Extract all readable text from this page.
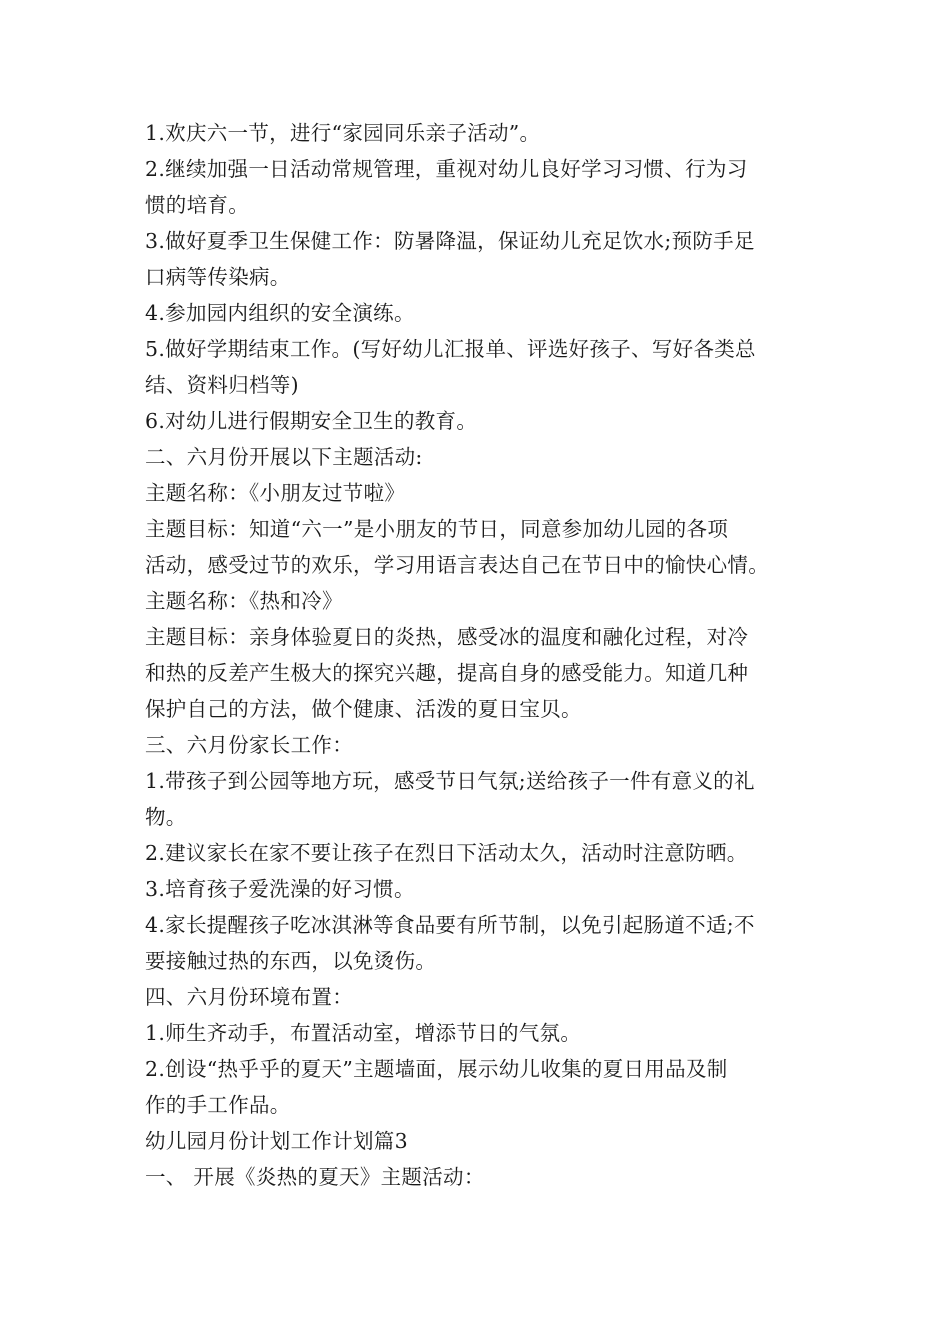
1.欢庆六一节，进行“家园同乐亲子活动”。
2.继续加强一日活动常规管理，重视对幼儿良好学习习惯、行为习
惯的培育。
3.做好夏季卫生保健工作：防暑降温，保证幼儿充足饮水;预防手足
口病等传染病。
4.参加园内组织的安全演练。
5.做好学期结束工作。(写好幼儿汇报单、评选好孩子、写好各类总
结、资料归档等)
6.对幼儿进行假期安全卫生的教育。
二、六月份开展以下主题活动:
主题名称：《小朋友过节啦》
主题目标：知道“六一”是小朋友的节日，同意参加幼儿园的各项
活动，感受过节的欢乐，学习用语言表达自己在节日中的愉快心情。
主题名称：《热和冷》
主题目标：亲身体验夏日的炎热，感受冰的温度和融化过程，对冷
和热的反差产生极大的探究兴趣，提高自身的感受能力。知道几种
保护自己的方法，做个健康、活泼的夏日宝贝。
三、六月份家长工作：
1.带孩子到公园等地方玩，感受节日气氛;送给孩子一件有意义的礼
物。
2.建议家长在家不要让孩子在烈日下活动太久，活动时注意防晒。
3.培育孩子爱洗澡的好习惯。
4.家长提醒孩子吃冰淇淋等食品要有所节制，以免引起肠道不适;不
要接触过热的东西，以免烫伤。
四、六月份环境布置：
1.师生齐动手，布置活动室，增添节日的气氛。
2.创设“热乎乎的夏天”主题墙面，展示幼儿收集的夏日用品及制
作的手工作品。
幼儿园月份计划工作计划篇3
一、 开展《炎热的夏天》主题活动：
